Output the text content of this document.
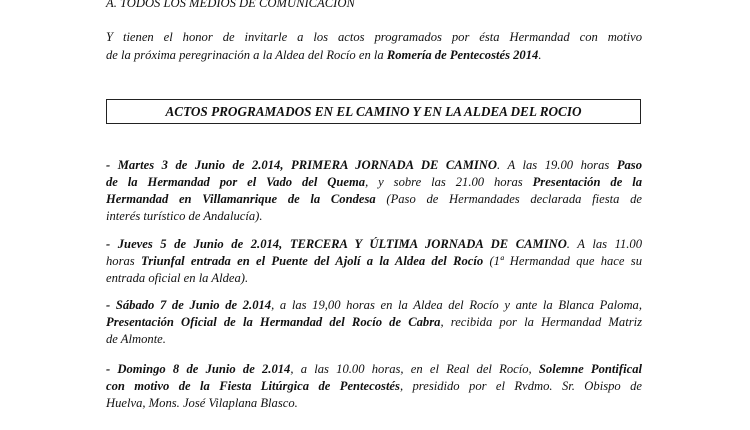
A. TODOS LOS MEDIOS DE COMUNICACION
Y tienen el honor de invitarle a los actos programados por ésta Hermandad con motivo
de la próxima peregrinación a la Aldea del Rocío en la Romería de Pentecostés 2014.
ACTOS PROGRAMADOS EN EL CAMINO Y EN LA ALDEA DEL ROCIO
- Martes 3 de Junio de 2.014, PRIMERA JORNADA DE CAMINO. A las 19.00 horas Paso
de la Hermandad por el Vado del Quema, y sobre las 21.00 horas Presentación de la
Hermandad en Villamanrique de la Condesa (Paso de Hermandades declarada fiesta de
interés turístico de Andalucía).
- Jueves 5 de Junio de 2.014, TERCERA Y ÚLTIMA JORNADA DE CAMINO. A las 11.00
horas Triunfal entrada en el Puente del Ajolí a la Aldea del Rocío (1ª Hermandad que hace su
entrada oficial en la Aldea).
- Sábado 7 de Junio de 2.014, a las 19,00 horas en la Aldea del Rocío y ante la Blanca Paloma,
Presentación Oficial de la Hermandad del Rocío de Cabra, recibida por la Hermandad Matriz
de Almonte.
- Domingo 8 de Junio de 2.014, a las 10.00 horas, en el Real del Rocío, Solemne Pontifical
con motivo de la Fiesta Litúrgica de Pentecostés, presidido por el Rvdmo. Sr. Obispo de
Huelva, Mons. José Vilaplana Blasco.
